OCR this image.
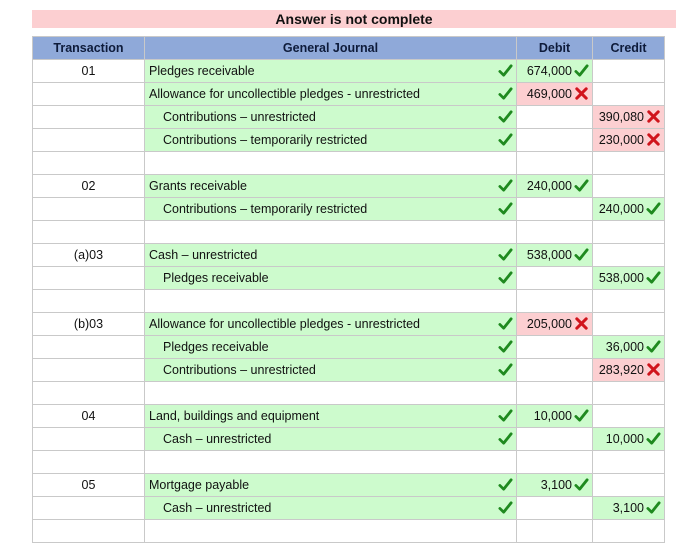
Answer is not complete
Transaction	General Journal	Debit	Credit
01	Pledges receivable	674,000

	Allowance for uncollectible pledges - unrestricted	469,000

	Contributions – unrestricted		390,080

	Contributions – temporarily restricted		230,000

02	Grants receivable	240,000

	Contributions – temporarily restricted		240,000

(a)03	Cash – unrestricted	538,000

	Pledges receivable		538,000

(b)03	Allowance for uncollectible pledges - unrestricted	205,000

	Pledges receivable		36,000

	Contributions – unrestricted		283,920

04	Land, buildings and equipment	10,000

	Cash – unrestricted		10,000

05	Mortgage payable	3,100

	Cash – unrestricted		3,100
